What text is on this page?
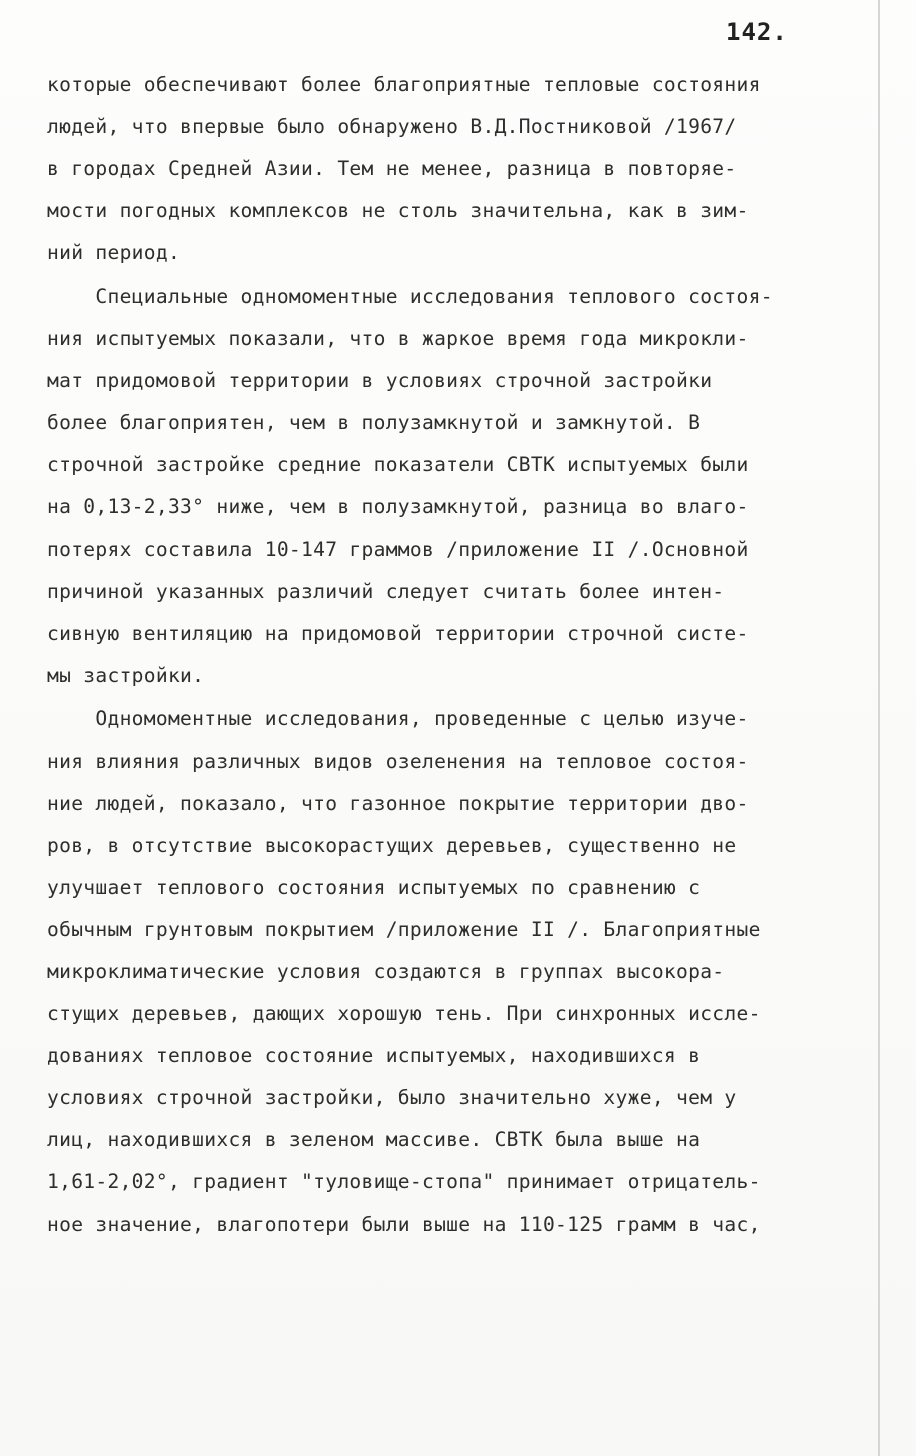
142.
которые обеспечивают более благоприятные тепловые состояния
людей, что впервые было обнаружено В.Д.Постниковой /1967/
в городах Средней Азии. Тем не менее, разница в повторяе-
мости погодных комплексов не столь значительна, как в зим-
ний период.
Специальные одномоментные исследования теплового состоя-
ния испытуемых показали, что в жаркое время года микрокли-
мат придомовой территории в условиях строчной застройки
более благоприятен, чем в полузамкнутой и замкнутой. В
строчной застройке средние показатели СВТК испытуемых были
на 0,13-2,33° ниже, чем в полузамкнутой, разница во влаго-
потерях составила 10-147 граммов /приложение II /.Основной
причиной указанных различий следует считать более интен-
сивную вентиляцию на придомовой территории строчной систе-
мы застройки.
Одномоментные исследования, проведенные с целью изуче-
ния влияния различных видов озеленения на тепловое состоя-
ние людей, показало, что газонное покрытие территории дво-
ров, в отсутствие высокорастущих деревьев, существенно не
улучшает теплового состояния испытуемых по сравнению с
обычным грунтовым покрытием /приложение II /. Благоприятные
микроклиматические условия создаются в группах высокора-
стущих деревьев, дающих хорошую тень. При синхронных иссле-
дованиях тепловое состояние испытуемых, находившихся в
условиях строчной застройки, было значительно хуже, чем у
лиц, находившихся в зеленом массиве. СВТК была выше на
1,61-2,02°, градиент "туловище-стопа" принимает отрицатель-
ное значение, влагопотери были выше на 110-125 грамм в час,
